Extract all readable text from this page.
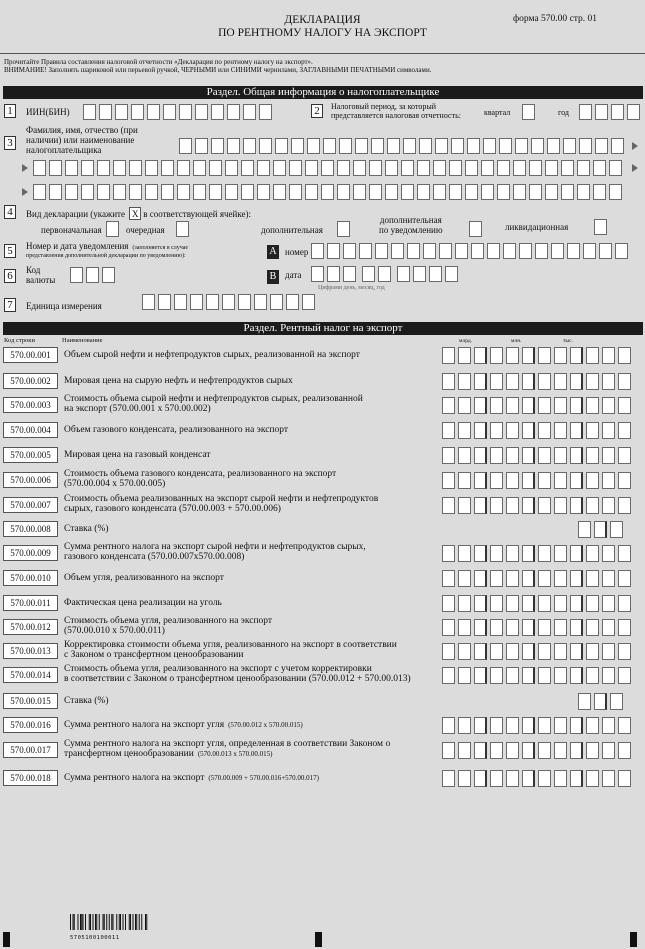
ДЕКЛАРАЦИЯ
ПО РЕНТНОМУ НАЛОГУ НА ЭКСПОРТ
форма 570.00 стр. 01
Прочитайте Правила составления налоговой отчетности «Декларация по рентному налогу на экспорт».
ВНИМАНИЕ! Заполнять шариковой или перьевой ручкой, ЧЕРНЫМИ или СИНИМИ чернилами, ЗАГЛАВНЫМИ ПЕЧАТНЫМИ символами.
Раздел. Общая информация о налогоплательщике
1	ИИН(БИН)	2	Налоговый период, за который
представляется налоговая отчетность:	квартал	год
3
Фамилия, имя, отчество (при
наличии) или наименование
налогоплательщика
4	Вид декларации (укажите X в соответствующей ячейке):
первоначальная	очередная	дополнительная
дополнительная
по уведомлению	ликвидационная
5	Номер и дата уведомления (заполняется в случае
представления дополнительной декларации по уведомлению):	A номер
6	Код
валюты	B дата
Цифрами день, месяц, год
7	Единица измерения
Раздел. Рентный налог на экспорт
Код строки	Наименование	млрд.	млн.	тыс.
570.00.001	Объем сырой нефти и нефтепродуктов сырых, реализованной на экспорт
570.00.002	Мировая цена на сырую нефть и нефтепродуктов сырых
570.00.003
Стоимость объема сырой нефти и нефтепродуктов сырых, реализованной
на экспорт (570.00.001 x 570.00.002)
570.00.004	Объем газового конденсата, реализованного на экспорт
570.00.005	Мировая цена на газовый конденсат
570.00.006
Стоимость объема газового конденсата, реализованного на экспорт
(570.00.004 x 570.00.005)
570.00.007
Стоимость объема реализованных на экспорт сырой нефти и нефтепродуктов
сырых, газового конденсата (570.00.003 + 570.00.006)
570.00.008	Ставка (%)
570.00.009
Сумма рентного налога на экспорт сырой нефти и нефтепродуктов сырых,
газового конденсата (570.00.007x570.00.008)
570.00.010	Объем угля, реализованного на экспорт
570.00.011	Фактическая цена реализации на уголь
570.00.012
Стоимость объема угля, реализованного на экспорт
(570.00.010 x 570.00.011)
570.00.013
Корректировка стоимости объема угля, реализованного на экспорт в соответствии
с Законом о трансфертном ценообразовании
570.00.014
Стоимость объема угля, реализованного на экспорт с учетом корректировки
в соответствии с Законом о трансфертном ценообразовании (570.00.012 + 570.00.013)
570.00.015	Ставка (%)
570.00.016	Сумма рентного налога на экспорт угля (570.00.012 x 570.00.015)
570.00.017
Сумма рентного налога на экспорт угля, определенная в соответствии Законом о
трансфертном ценообразовании (570.00.013 x 570.00.015)
570.00.018	Сумма рентного налога на экспорт (570.00.009 + 570.00.016+570.00.017)
5705100100011
